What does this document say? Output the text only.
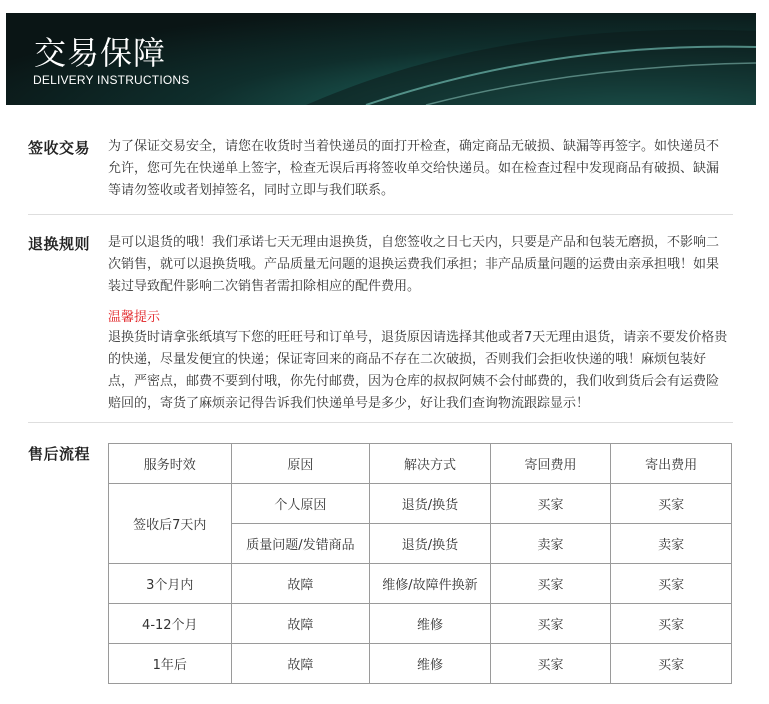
交易保障
DELIVERY INSTRUCTIONS
签收交易 为了保证交易安全，请您在收货时当着快递员的面打开检查，确定商品无破损、缺漏等再签字。如快递员不允许，您可先在快递单上签字，检查无误后再将签收单交给快递员。如在检查过程中发现商品有破损、缺漏等请勿签收或者划掉签名，同时立即与我们联系。

退换规则 是可以退货的哦！我们承诺七天无理由退换货，自您签收之日七天内，只要是产品和包装无磨损，不影响二次销售，就可以退换货哦。产品质量无问题的退换运费我们承担；非产品质量问题的运费由亲承担哦！如果装过导致配件影响二次销售者需扣除相应的配件费用。

温馨提示

退换货时请拿张纸填写下您的旺旺号和订单号，退货原因请选择其他或者7天无理由退货，请亲不要发价格贵的快递，尽量发便宜的快递；保证寄回来的商品不存在二次破损，否则我们会拒收快递的哦！麻烦包装好点，严密点，邮费不要到付哦，你先付邮费，因为仓库的叔叔阿姨不会付邮费的，我们收到货后会有运费险赔回的，寄货了麻烦亲记得告诉我们快递单号是多少，好让我们查询物流跟踪显示！

售后流程
服务时效	原因	解决方式	寄回费用	寄出费用
签收后7天内	个人原因	退货/换货	买家	买家
	质量问题/发错商品	退货/换货	卖家	卖家
3个月内	故障	维修/故障件换新	买家	买家
4-12个月	故障	维修	买家	买家
1年后	故障	维修	买家	买家
